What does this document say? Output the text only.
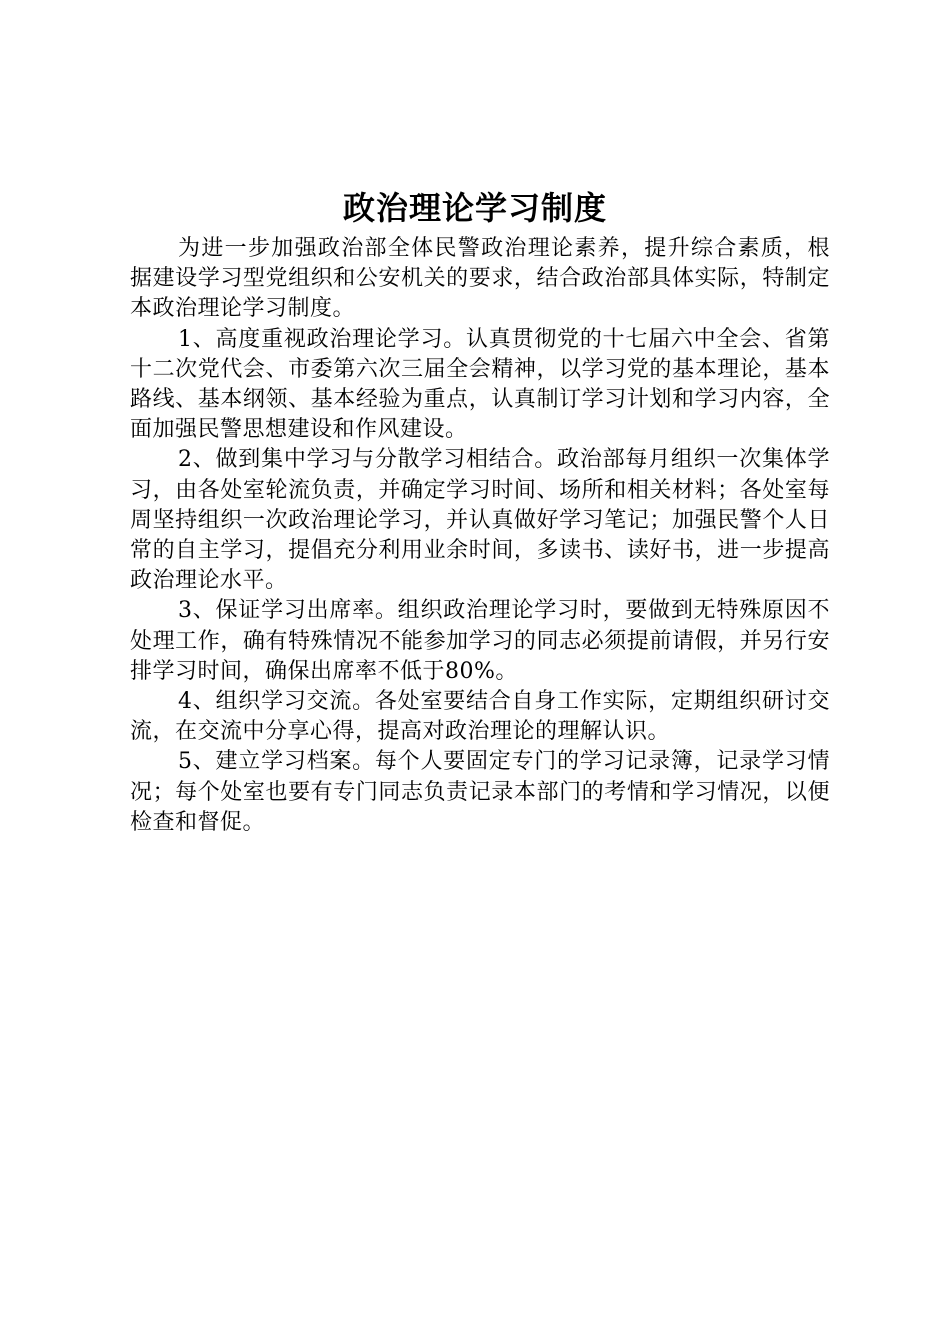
政治理论学习制度

为进一步加强政治部全体民警政治理论素养，提升综合素质，根据建设学习型党组织和公安机关的要求，结合政治部具体实际，特制定本政治理论学习制度。

1、高度重视政治理论学习。认真贯彻党的十七届六中全会、省第十二次党代会、市委第六次三届全会精神，以学习党的基本理论，基本路线、基本纲领、基本经验为重点，认真制订学习计划和学习内容，全面加强民警思想建设和作风建设。

2、做到集中学习与分散学习相结合。政治部每月组织一次集体学习，由各处室轮流负责，并确定学习时间、场所和相关材料；各处室每周坚持组织一次政治理论学习，并认真做好学习笔记；加强民警个人日常的自主学习，提倡充分利用业余时间，多读书、读好书，进一步提高政治理论水平。

3、保证学习出席率。组织政治理论学习时，要做到无特殊原因不处理工作，确有特殊情况不能参加学习的同志必须提前请假，并另行安排学习时间，确保出席率不低于80%。

4、组织学习交流。各处室要结合自身工作实际，定期组织研讨交流，在交流中分享心得，提高对政治理论的理解认识。

5、建立学习档案。每个人要固定专门的学习记录簿，记录学习情况；每个处室也要有专门同志负责记录本部门的考情和学习情况，以便检查和督促。
